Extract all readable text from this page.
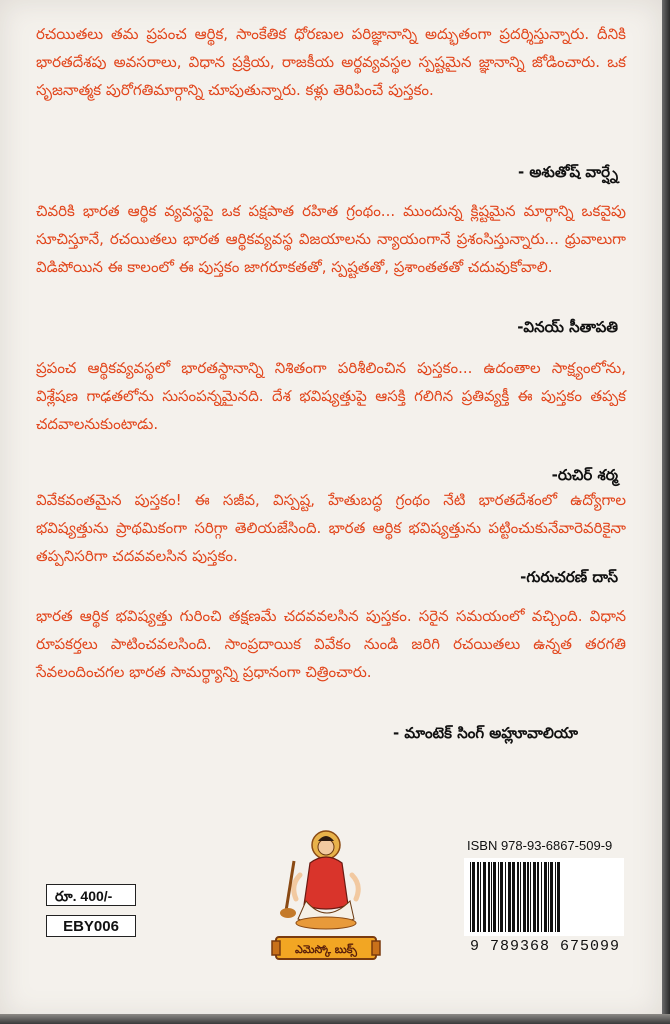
రచయితలు తమ ప్రపంచ ఆర్థిక, సాంకేతిక ధోరణుల పరిజ్ఞానాన్ని అద్భుతంగా ప్రదర్శిస్తున్నారు. దీనికి భారతదేశపు అవసరాలు, విధాన ప్రక్రియ, రాజకీయ అర్థవ్యవస్థల స్పష్టమైన జ్ఞానాన్ని జోడించారు. ఒక సృజనాత్మక పురోగతిమార్గాన్ని చూపుతున్నారు. కళ్లు తెరిపించే పుస్తకం.
- అశుతోష్ వార్ష్నే
చివరికి భారత ఆర్థిక వ్యవస్థపై ఒక పక్షపాత రహిత గ్రంథం... ముందున్న క్లిష్టమైన మార్గాన్ని ఒకవైపు సూచిస్తూనే, రచయితలు భారత ఆర్థికవ్యవస్థ విజయాలను న్యాయంగానే ప్రశంసిస్తున్నారు... ధ్రువాలుగా విడిపోయిన ఈ కాలంలో ఈ పుస్తకం జాగరూకతతో, స్పష్టతతో, ప్రశాంతతతో చదువుకోవాలి.
-వినయ్ సీతాపతి
ప్రపంచ ఆర్థికవ్యవస్థలో భారతస్థానాన్ని నిశితంగా పరిశీలించిన పుస్తకం... ఉదంతాల సాక్ష్యంలోను, విశ్లేషణ గాఢతలోను సుసంపన్నమైనది. దేశ భవిష్యత్తుపై ఆసక్తి గలిగిన ప్రతివ్యక్తీ ఈ పుస్తకం తప్పక చదవాలనుకుంటాడు.
-రుచిర్ శర్మ
వివేకవంతమైన పుస్తకం! ఈ సజీవ, విస్పష్ట, హేతుబద్ధ గ్రంథం నేటి భారతదేశంలో ఉద్యోగాల భవిష్యత్తును ప్రాథమికంగా సరిగ్గా తెలియజేసింది. భారత ఆర్థిక భవిష్యత్తును పట్టించుకునేవారెవరికైనా తప్పనిసరిగా చదవవలసిన పుస్తకం.
-గురుచరణ్ దాస్
భారత ఆర్థిక భవిష్యత్తు గురించి తక్షణమే చదవవలసిన పుస్తకం. సరైన సమయంలో వచ్చింది. విధాన రూపకర్తలు పాటించవలసింది. సాంప్రదాయిక వివేకం నుండి జరిగి రచయితలు ఉన్నత తరగతి సేవలందించగల భారత సామర్థ్యాన్ని ప్రధానంగా చిత్రించారు.
- మాంటెక్ సింగ్ అహ్లూవాలియా
రూ. 400/-
EBY006
ఎమెస్కో బుక్స్
ISBN 978-93-6867-509-9
9 789368 675099
